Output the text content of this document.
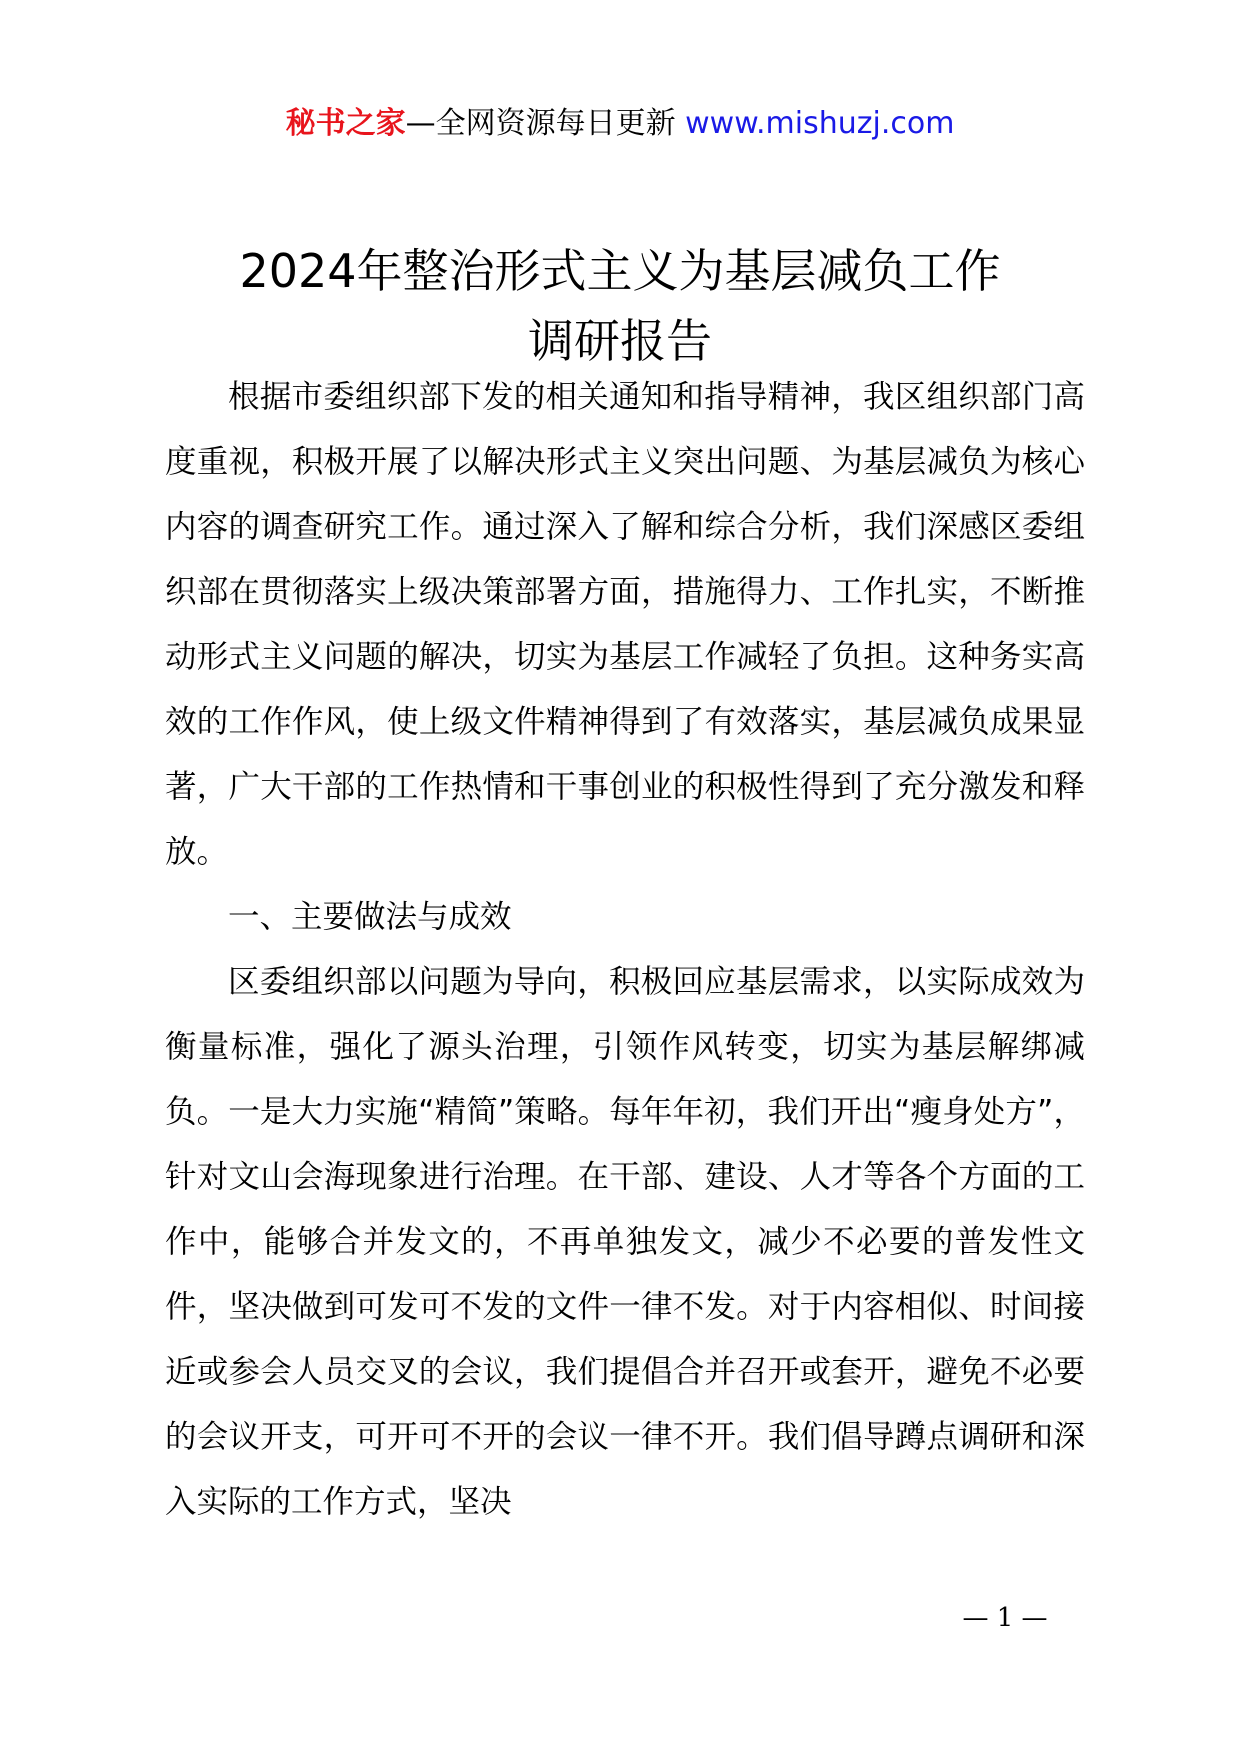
秘书之家—全网资源每日更新 www.mishuzj.com
2024年整治形式主义为基层减负工作
调研报告

根据市委组织部下发的相关通知和指导精神，我区组织部门高度重视，积极开展了以解决形式主义突出问题、为基层减负为核心内容的调查研究工作。通过深入了解和综合分析，我们深感区委组织部在贯彻落实上级决策部署方面，措施得力、工作扎实，不断推动形式主义问题的解决，切实为基层工作减轻了负担。这种务实高效的工作作风，使上级文件精神得到了有效落实，基层减负成果显著，广大干部的工作热情和干事创业的积极性得到了充分激发和释放。

一、主要做法与成效

区委组织部以问题为导向，积极回应基层需求，以实际成效为衡量标准，强化了源头治理，引领作风转变，切实为基层解绑减负。一是大力实施“精简”策略。每年年初，我们开出“瘦身处方”，针对文山会海现象进行治理。在干部、建设、人才等各个方面的工作中，能够合并发文的，不再单独发文，减少不必要的普发性文件，坚决做到可发可不发的文件一律不发。对于内容相似、时间接近或参会人员交叉的会议，我们提倡合并召开或套开，避免不必要的会议开支，可开可不开的会议一律不开。我们倡导蹲点调研和深入实际的工作方式，坚决

— 1 —
